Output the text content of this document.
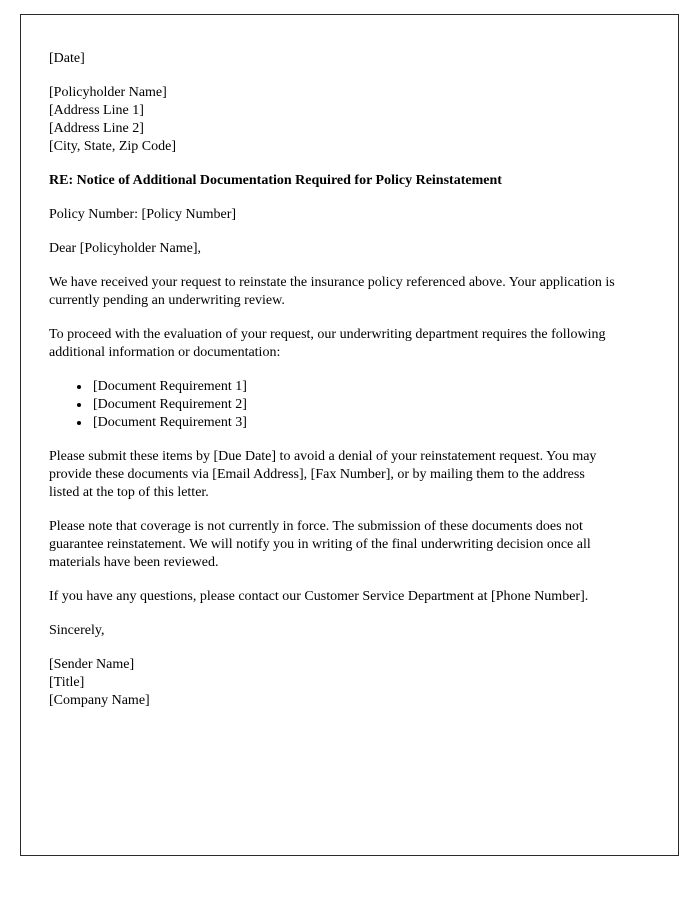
[Date]
[Policyholder Name]
[Address Line 1]
[Address Line 2]
[City, State, Zip Code]

RE: Notice of Additional Documentation Required for Policy Reinstatement

Policy Number: [Policy Number]

Dear [Policyholder Name],

We have received your request to reinstate the insurance policy referenced above. Your application is currently pending an underwriting review.

To proceed with the evaluation of your request, our underwriting department requires the following additional information or documentation:

• [Document Requirement 1]
• [Document Requirement 2]
• [Document Requirement 3]

Please submit these items by [Due Date] to avoid a denial of your reinstatement request. You may provide these documents via [Email Address], [Fax Number], or by mailing them to the address listed at the top of this letter.

Please note that coverage is not currently in force. The submission of these documents does not guarantee reinstatement. We will notify you in writing of the final underwriting decision once all materials have been reviewed.

If you have any questions, please contact our Customer Service Department at [Phone Number].

Sincerely,

[Sender Name]
[Title]
[Company Name]
